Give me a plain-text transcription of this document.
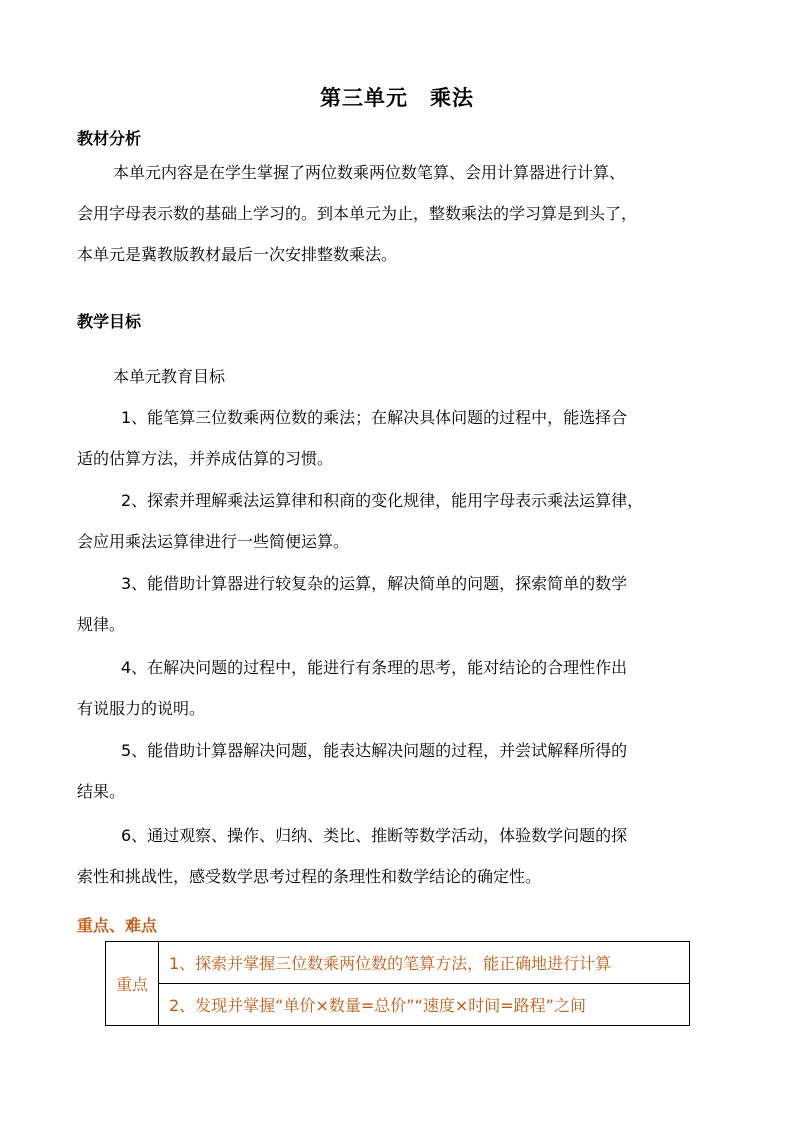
第三单元　乘法
教材分析

本单元内容是在学生掌握了两位数乘两位数笔算、会用计算器进行计算、
会用字母表示数的基础上学习的。到本单元为止，整数乘法的学习算是到头了，
本单元是冀教版教材最后一次安排整数乘法。

教学目标
本单元教育目标

1、能笔算三位数乘两位数的乘法；在解决具体问题的过程中，能选择合
适的估算方法，并养成估算的习惯。

2、探索并理解乘法运算律和积商的变化规律，能用字母表示乘法运算律，
会应用乘法运算律进行一些简便运算。

3、能借助计算器进行较复杂的运算，解决简单的问题，探索简单的数学
规律。

4、在解决问题的过程中，能进行有条理的思考，能对结论的合理性作出
有说服力的说明。

5、能借助计算器解决问题，能表达解决问题的过程，并尝试解释所得的
结果。

6、通过观察、操作、归纳、类比、推断等数学活动，体验数学问题的探
索性和挑战性，感受数学思考过程的条理性和数学结论的确定性。

重点、难点
重点
1、探索并掌握三位数乘两位数的笔算方法，能正确地进行计算
2、发现并掌握“单价×数量=总价”“速度×时间=路程”之间
